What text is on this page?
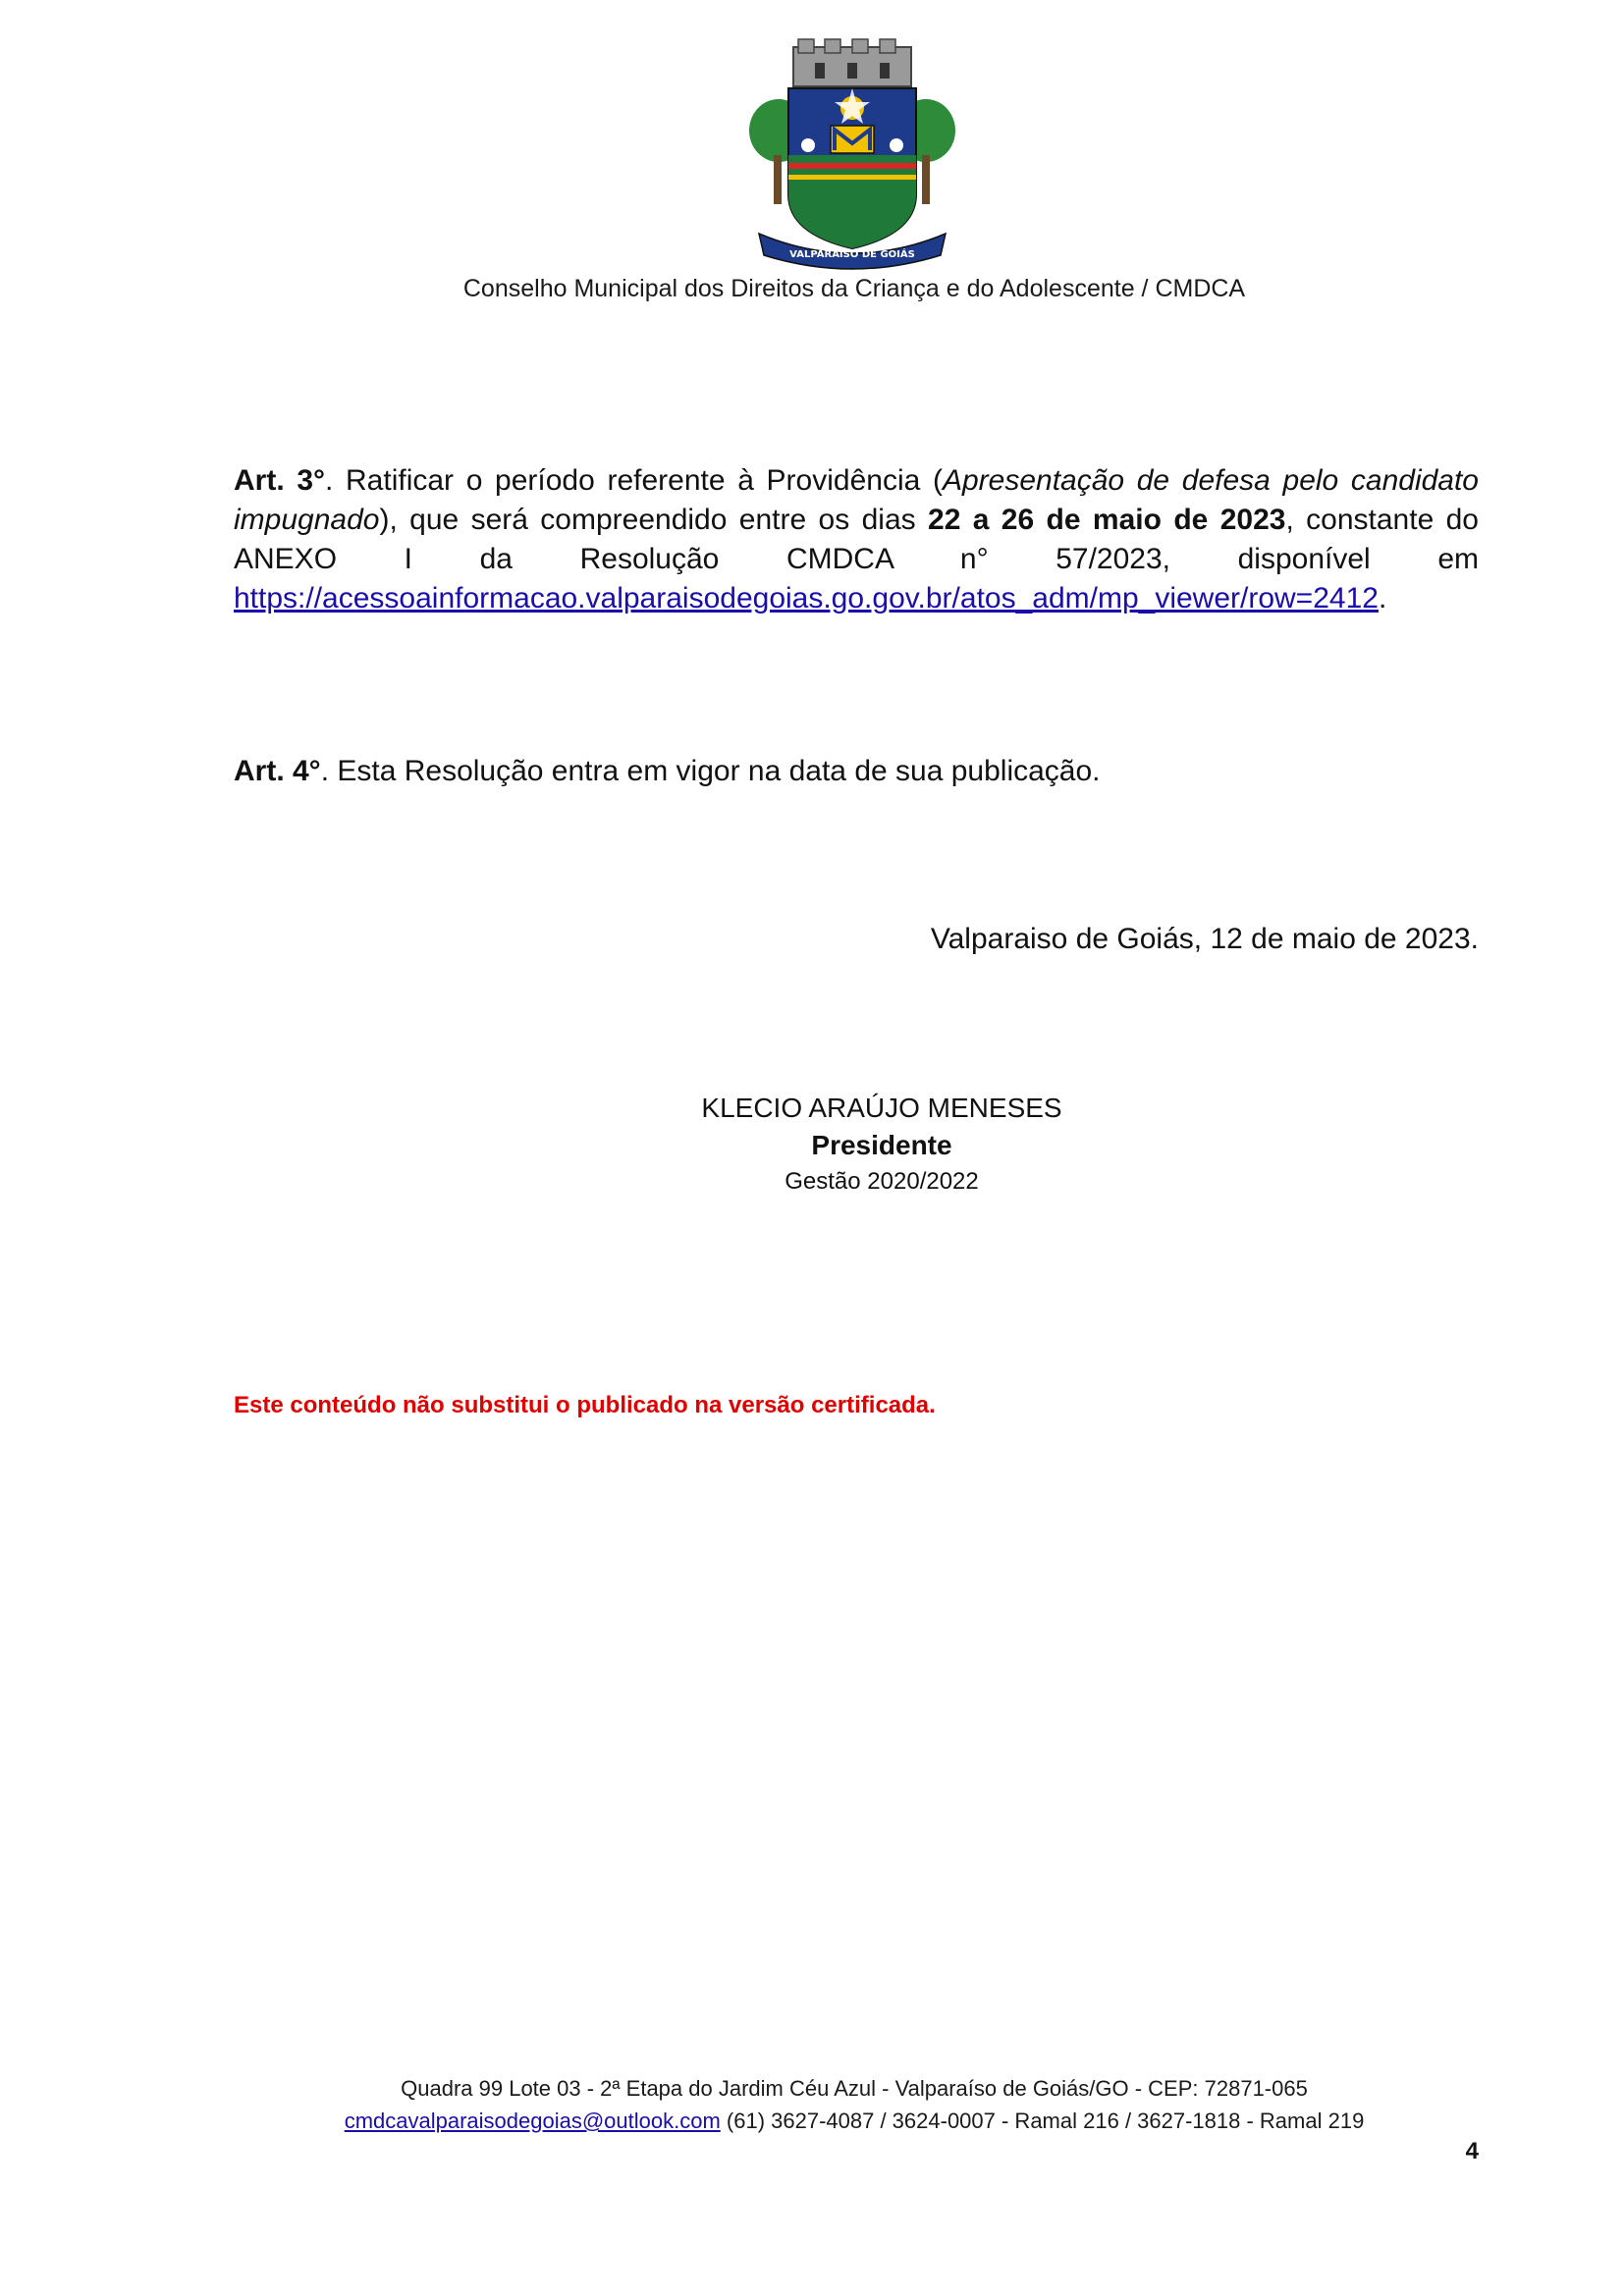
VALPARAISO DE GOIÁS
Conselho Municipal dos Direitos da Criança e do Adolescente / CMDCA
Art. 3°. Ratificar o período referente à Providência (Apresentação de defesa pelo candidato impugnado), que será compreendido entre os dias 22 a 26 de maio de 2023, constante do ANEXO I da Resolução CMDCA n° 57/2023, disponível em https://acessoainformacao.valparaisodegoias.go.gov.br/atos_adm/mp_viewer/row=2412.
Art. 4°. Esta Resolução entra em vigor na data de sua publicação.
Valparaiso de Goiás, 12 de maio de 2023.
KLECIO ARAÚJO MENESES
Presidente
Gestão 2020/2022
Este conteúdo não substitui o publicado na versão certificada.
Quadra 99 Lote 03 - 2ª Etapa do Jardim Céu Azul - Valparaíso de Goiás/GO - CEP: 72871-065
cmdcavalparaisodegoias@outlook.com (61) 3627-4087 / 3624-0007 - Ramal 216 / 3627-1818 - Ramal 219
4
